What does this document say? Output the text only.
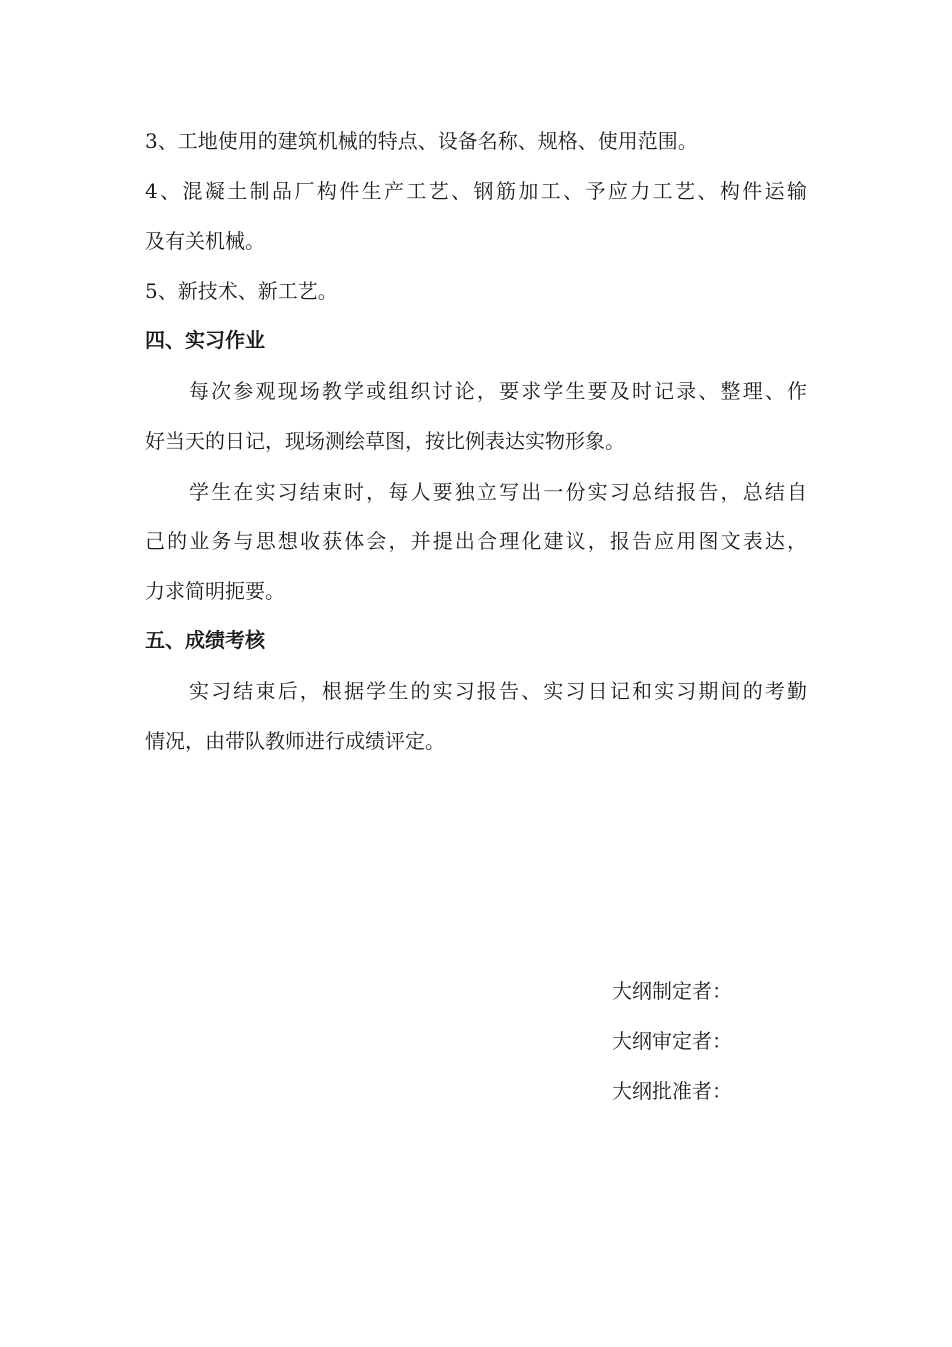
3、工地使用的建筑机械的特点、设备名称、规格、使用范围。
4、混凝土制品厂构件生产工艺、钢筋加工、予应力工艺、构件运输
及有关机械。
5、新技术、新工艺。
四、实习作业
每次参观现场教学或组织讨论，要求学生要及时记录、整理、作
好当天的日记，现场测绘草图，按比例表达实物形象。
学生在实习结束时，每人要独立写出一份实习总结报告，总结自
己的业务与思想收获体会，并提出合理化建议，报告应用图文表达，
力求简明扼要。
五、成绩考核
实习结束后，根据学生的实习报告、实习日记和实习期间的考勤
情况，由带队教师进行成绩评定。
大纲制定者：
大纲审定者：
大纲批准者：
